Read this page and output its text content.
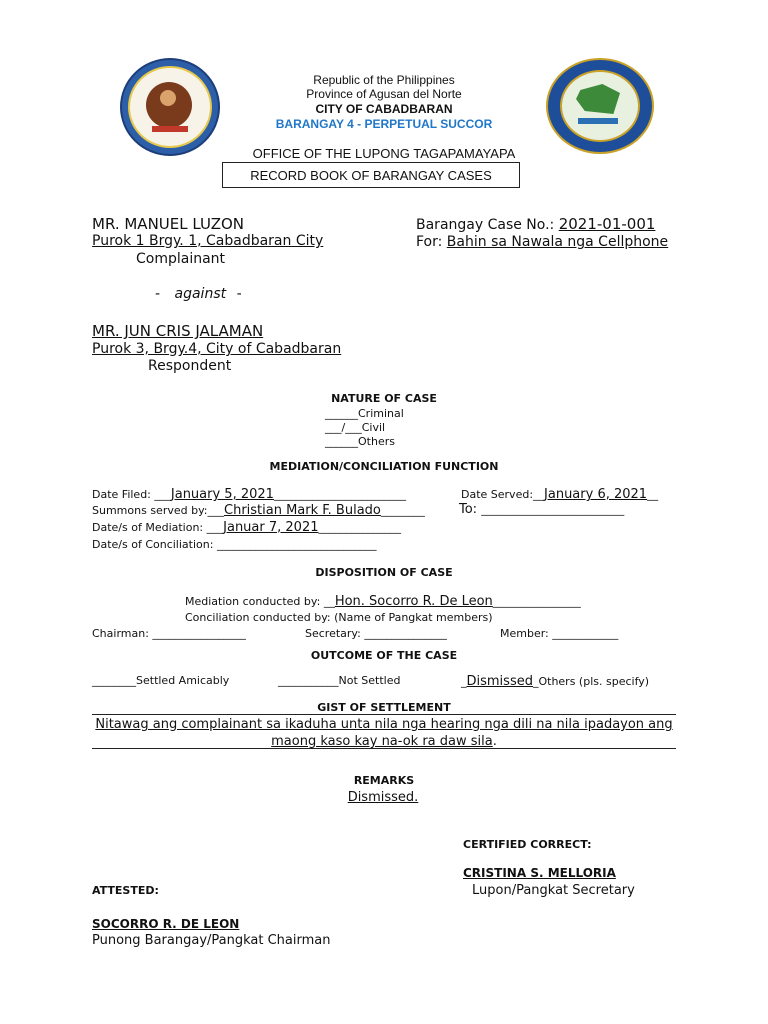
Republic of the Philippines
Province of Agusan del Norte
CITY OF CABADBARAN
BARANGAY 4 - PERPETUAL SUCCOR
OFFICE OF THE LUPONG TAGAPAMAYAPA
RECORD BOOK OF BARANGAY CASES
MR. MANUEL LUZON
Purok 1 Brgy. 1, Cabadbaran City
Complainant
Barangay Case No.: 2021-01-001
For: Bahin sa Nawala nga Cellphone
- against -
MR. JUN CRIS JALAMAN
Purok 3, Brgy.4, City of Cabadbaran
Respondent
NATURE OF CASE
______Criminal
___/___Civil
______Others
MEDIATION/CONCILIATION FUNCTION
Date Filed: ___January 5, 2021________________________	Date Served:__January 6, 2021__
Summons served by:___Christian Mark F. Bulado________	To: __________________________
Date/s of Mediation: ___Januar 7, 2021_______________
Date/s of Conciliation: _____________________________
DISPOSITION OF CASE
Mediation conducted by: __Hon. Socorro R. De Leon________________
Conciliation conducted by: (Name of Pangkat members)
Chairman: _________________	Secretary: _______________	Member: ____________
OUTCOME OF THE CASE
________Settled Amicably	___________Not Settled	_Dismissed_Others (pls. specify)
GIST OF SETTLEMENT
Nitawag ang complainant sa ikaduha unta nila nga hearing nga dili na nila ipadayon ang
maong kaso kay na-ok ra daw sila.
REMARKS
Dismissed.
CERTIFIED CORRECT:
CRISTINA S. MELLORIA
Lupon/Pangkat Secretary
ATTESTED:
SOCORRO R. DE LEON
Punong Barangay/Pangkat Chairman
